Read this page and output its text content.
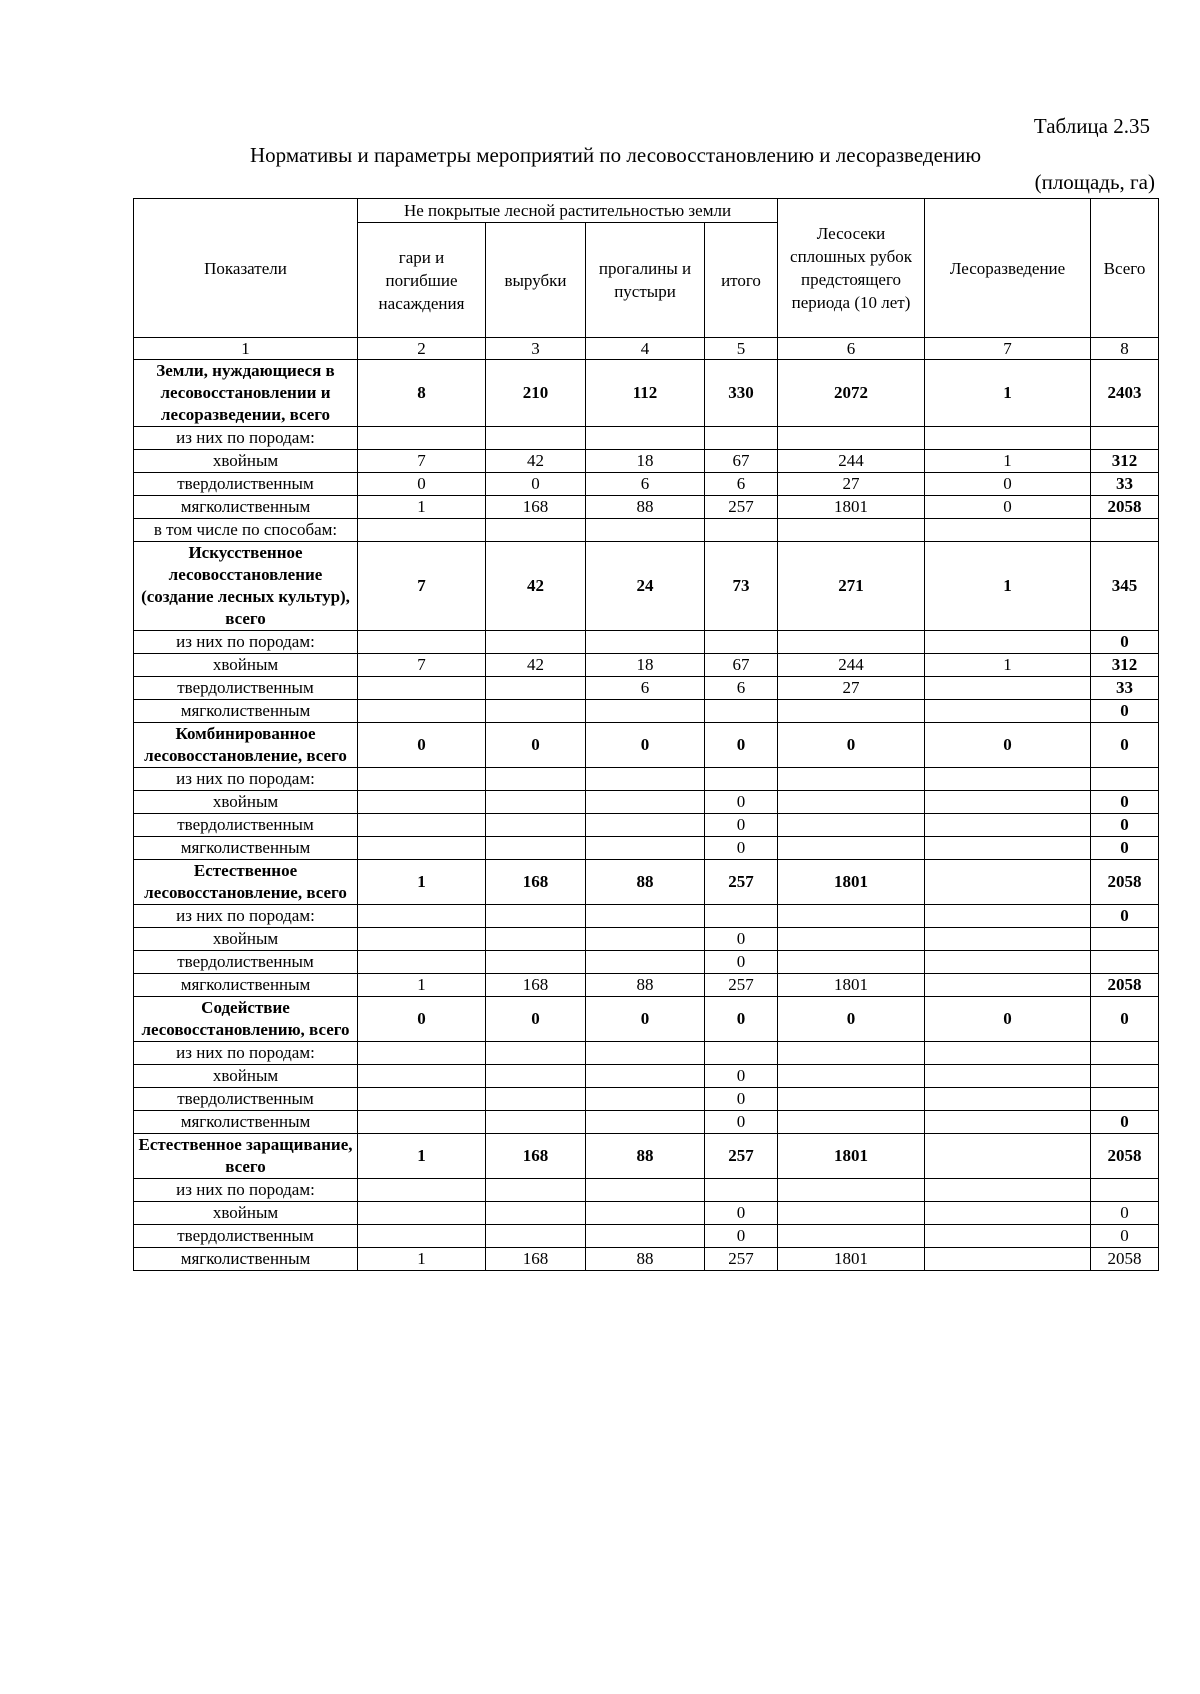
Таблица 2.35
Нормативы и параметры мероприятий по лесовосстановлению и лесоразведению
(площадь, га)
Показатели	Не покрытые лесной растительностью земли				Лесосеки сплошных рубок предстоящего периода (10 лет)	Лесоразведение	Всего
	гари и погибшие насаждения	вырубки	прогалины и пустыри	итого			
1	2	3	4	5	6	7	8
Земли, нуждающиеся в лесовосстановлении и лесоразведении, всего	8	210	112	330	2072	1	2403
из них по породам:							
хвойным	7	42	18	67	244	1	312
твердолиственным	0	0	6	6	27	0	33
мягколиственным	1	168	88	257	1801	0	2058
в том числе по способам:							
Искусственное лесовосстановление (создание лесных культур), всего	7	42	24	73	271	1	345
из них по породам:							0
хвойным	7	42	18	67	244	1	312
твердолиственным			6	6	27		33
мягколиственным							0
Комбинированное лесовосстановление, всего	0	0	0	0	0	0	0
из них по породам:							
хвойным				0			0
твердолиственным				0			0
мягколиственным				0			0
Естественное лесовосстановление, всего	1	168	88	257	1801		2058
из них по породам:							0
хвойным				0			
твердолиственным				0			
мягколиственным	1	168	88	257	1801		2058
Содействие лесовосстановлению, всего	0	0	0	0	0	0	0
из них по породам:							
хвойным				0			
твердолиственным				0			
мягколиственным				0			0
Естественное заращивание, всего	1	168	88	257	1801		2058
из них по породам:							
хвойным				0			0
твердолиственным				0			0
мягколиственным	1	168	88	257	1801		2058
